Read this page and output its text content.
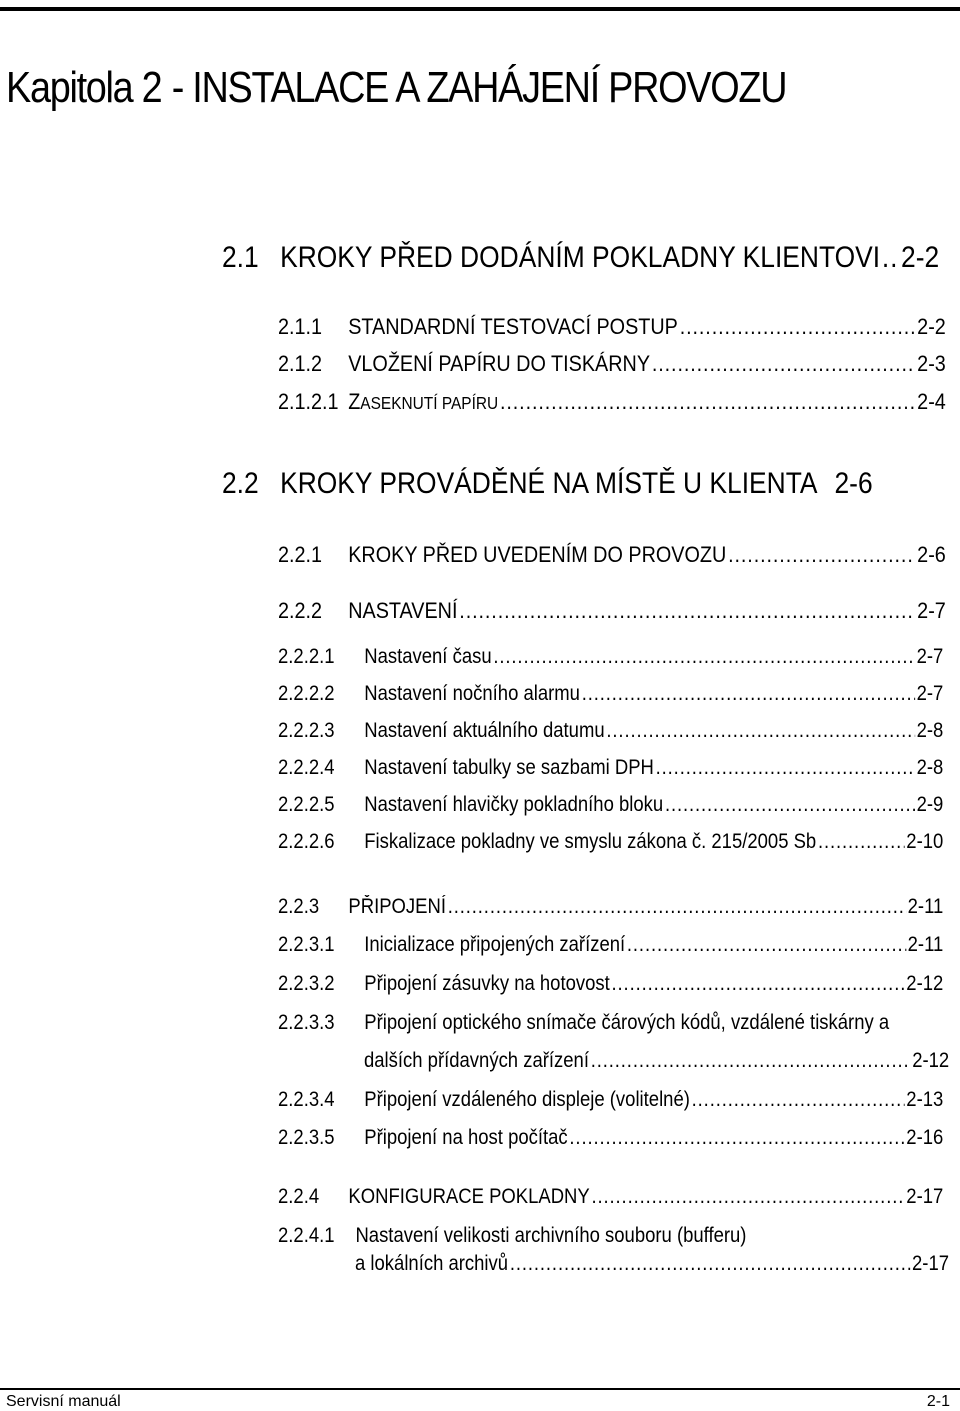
Kapitola 2 - INSTALACE A ZAHÁJENÍ PROVOZU
2.1 KROKY PŘED DODÁNÍM POKLADNY KLIENTOVI ..... 2-2
2.1.1	STANDARDNÍ TESTOVACÍ POSTUP .....	2-2
2.1.2	VLOŽENÍ PAPÍRU DO TISKÁRNY .....	2-3
2.1.2.1 ZASEKNUTÍ PAPÍRU .....	2-4
2.2 KROKY PROVÁDĚNÉ NA MÍSTĚ U KLIENTA 2-6
2.2.1	KROKY PŘED UVEDENÍM DO PROVOZU .....	2-6
2.2.2	NASTAVENÍ .....	2-7
2.2.2.1	Nastavení času .....	2-7
2.2.2.2	Nastavení nočního alarmu .....	2-7
2.2.2.3	Nastavení aktuálního datumu .....	2-8
2.2.2.4	Nastavení tabulky se sazbami DPH .....	2-8
2.2.2.5	Nastavení hlavičky pokladního bloku .....	2-9
2.2.2.6	Fiskalizace pokladny ve smyslu zákona č. 215/2005 Sb .....	2-10
2.2.3	PŘIPOJENÍ .....	2-11
2.2.3.1	Inicializace připojených zařízení .....	2-11
2.2.3.2	Připojení zásuvky na hotovost .....	2-12
2.2.3.3	Připojení optického snímače čárových kódů, vzdálené tiskárny a
dalších přídavných zařízení .....	2-12
2.2.3.4	Připojení vzdáleného displeje (volitelné) .....	2-13
2.2.3.5	Připojení na host počítač .....	2-16
2.2.4	KONFIGURACE POKLADNY .....	2-17
2.2.4.1 Nastavení velikosti archivního souboru (bufferu)
a lokálních archivů .....	2-17
Servisní manuál	2-1
